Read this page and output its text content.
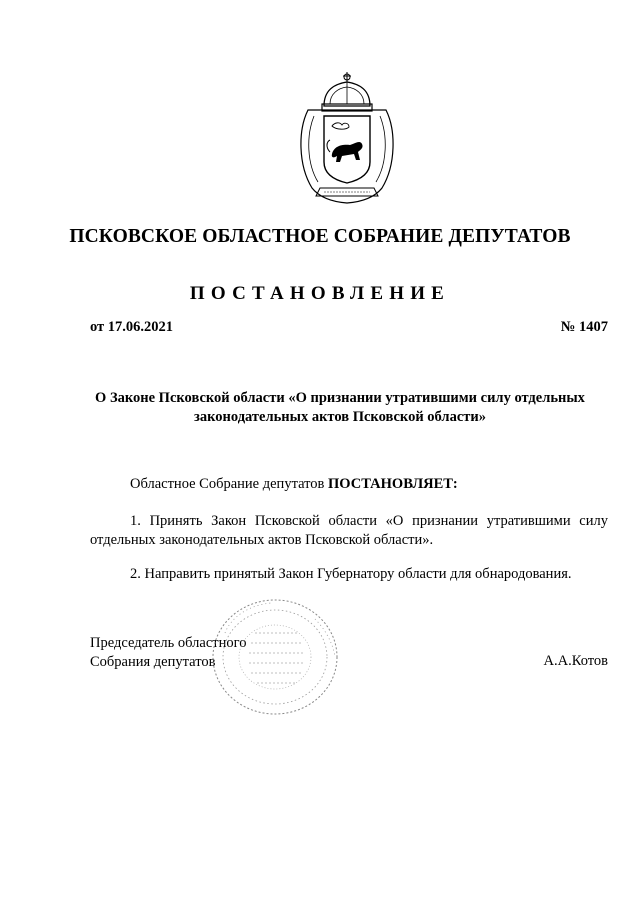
ПСКОВСКОЕ ОБЛАСТНОЕ СОБРАНИЕ ДЕПУТАТОВ
ПОСТАНОВЛЕНИЕ
от 17.06.2021	№ 1407
О Законе Псковской области «О признании утратившими силу отдельных
законодательных актов Псковской области»
Областное Собрание депутатов ПОСТАНОВЛЯЕТ:
1. Принять Закон Псковской области «О признании утратившими силу отдельных законодательных актов Псковской области».
2. Направить принятый Закон Губернатору области для обнародования.
Председатель областного
Собрания депутатов	А.А.Котов
